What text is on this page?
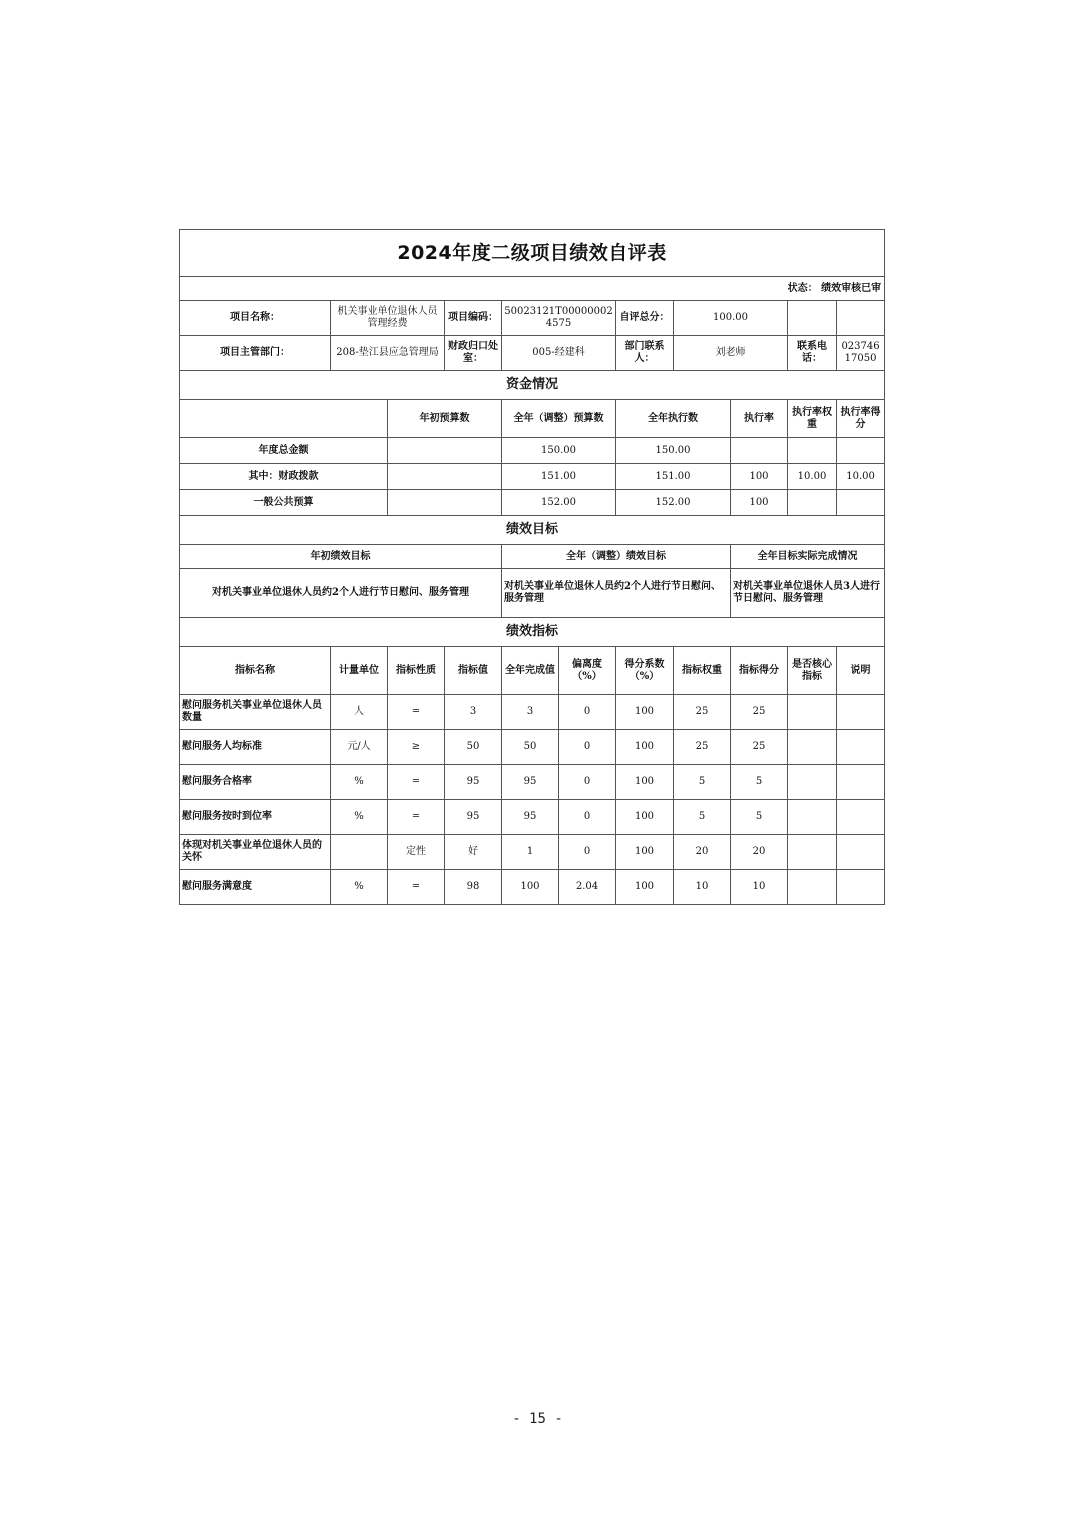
2024年度二级项目绩效自评表										
状态： 绩效审核已审										
项目名称：	机关事业单位退休人员管理经费		项目编码：	50023121T000000024575		自评总分：	100.00			
项目主管部门：	208-垫江县应急管理局		财政归口处室：	005-经建科		部门联系人：	刘老师		联系电话：	02374617050
资金情况										
		年初预算数		全年（调整）预算数		全年执行数		执行率	执行率权重	执行率得分
年度总金额				150.00		150.00				
其中：财政拨款				151.00		151.00		100	10.00	10.00
一般公共预算				152.00		152.00		100		
绩效目标										
年初绩效目标				全年（调整）绩效目标				全年目标实际完成情况		
对机关事业单位退休人员约2个人进行节日慰问、服务管理				对机关事业单位退休人员约2个人进行节日慰问、服务管理				对机关事业单位退休人员3人进行节日慰问、服务管理		
绩效指标										
指标名称	计量单位	指标性质	指标值	全年完成值	偏离度（%）	得分系数（%）	指标权重	指标得分	是否核心指标	说明
慰问服务机关事业单位退休人员数量	人	=	3	3	0	100	25	25		
慰问服务人均标准	元/人	≥	50	50	0	100	25	25		
慰问服务合格率	%	=	95	95	0	100	5	5		
慰问服务按时到位率	%	=	95	95	0	100	5	5		
体现对机关事业单位退休人员的关怀		定性	好	1	0	100	20	20		
慰问服务满意度	%	=	98	100	2.04	100	10	10		
- 15 -
